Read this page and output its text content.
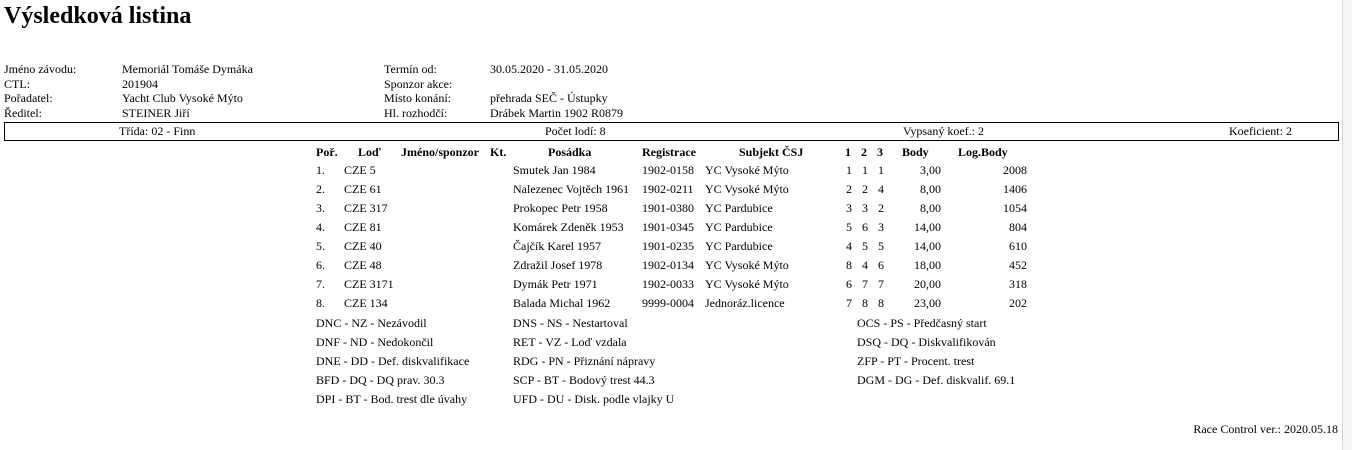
Výsledková listina
Jméno závodu:	Memoriál Tomáše Dymáka
CTL:	201904
Pořadatel:	Yacht Club Vysoké Mýto
Ředitel:	STEINER Jiří
Termín od:	30.05.2020 - 31.05.2020
Sponzor akce:
Místo konání:	přehrada SEČ - Ústupky
Hl. rozhodčí:	Drábek Martin 1902 R0879
Třída: 02 - Finn	Počet lodí: 8	Vypsaný koef.: 2	Koeficient: 2
Poř. Loď Jméno/sponzor Kt.	Posádka	Registrace	Subjekt ČSJ	1 2 3 Body Log.Body
1. CZE 5	Smutek Jan 1984	1902-0158 YC Vysoké Mýto	1 1 1	3,00	2008
2. CZE 61	Nalezenec Vojtěch 1961 1902-0211 YC Vysoké Mýto	2 2 4	8,00	1406
3. CZE 317	Prokopec Petr 1958	1901-0380 YC Pardubice	3 3 2	8,00	1054
4. CZE 81	Komárek Zdeněk 1953 1901-0345 YC Pardubice	5 6 3	14,00	804
5. CZE 40	Čajčík Karel 1957	1901-0235 YC Pardubice	4 5 5	14,00	610
6. CZE 48	Zdražil Josef 1978	1902-0134 YC Vysoké Mýto	8 4 6	18,00	452
7. CZE 3171	Dymák Petr 1971	1902-0033 YC Vysoké Mýto	6 7 7	20,00	318
8. CZE 134	Balada Michal 1962	9999-0004 Jednoráz.licence	7 8 8	23,00	202
DNC - NZ - Nezávodil
DNF - ND - Nedokončil
DNE - DD - Def. diskvalifikace
BFD - DQ - DQ prav. 30.3
DPI - BT - Bod. trest dle úvahy
DNS - NS - Nestartoval
RET - VZ - Loď vzdala
RDG - PN - Přiznání nápravy
SCP - BT - Bodový trest 44.3
UFD - DU - Disk. podle vlajky U
OCS - PS - Předčasný start
DSQ - DQ - Diskvalifikován
ZFP - PT - Procent. trest
DGM - DG - Def. diskvalif. 69.1
Race Control ver.: 2020.05.18
